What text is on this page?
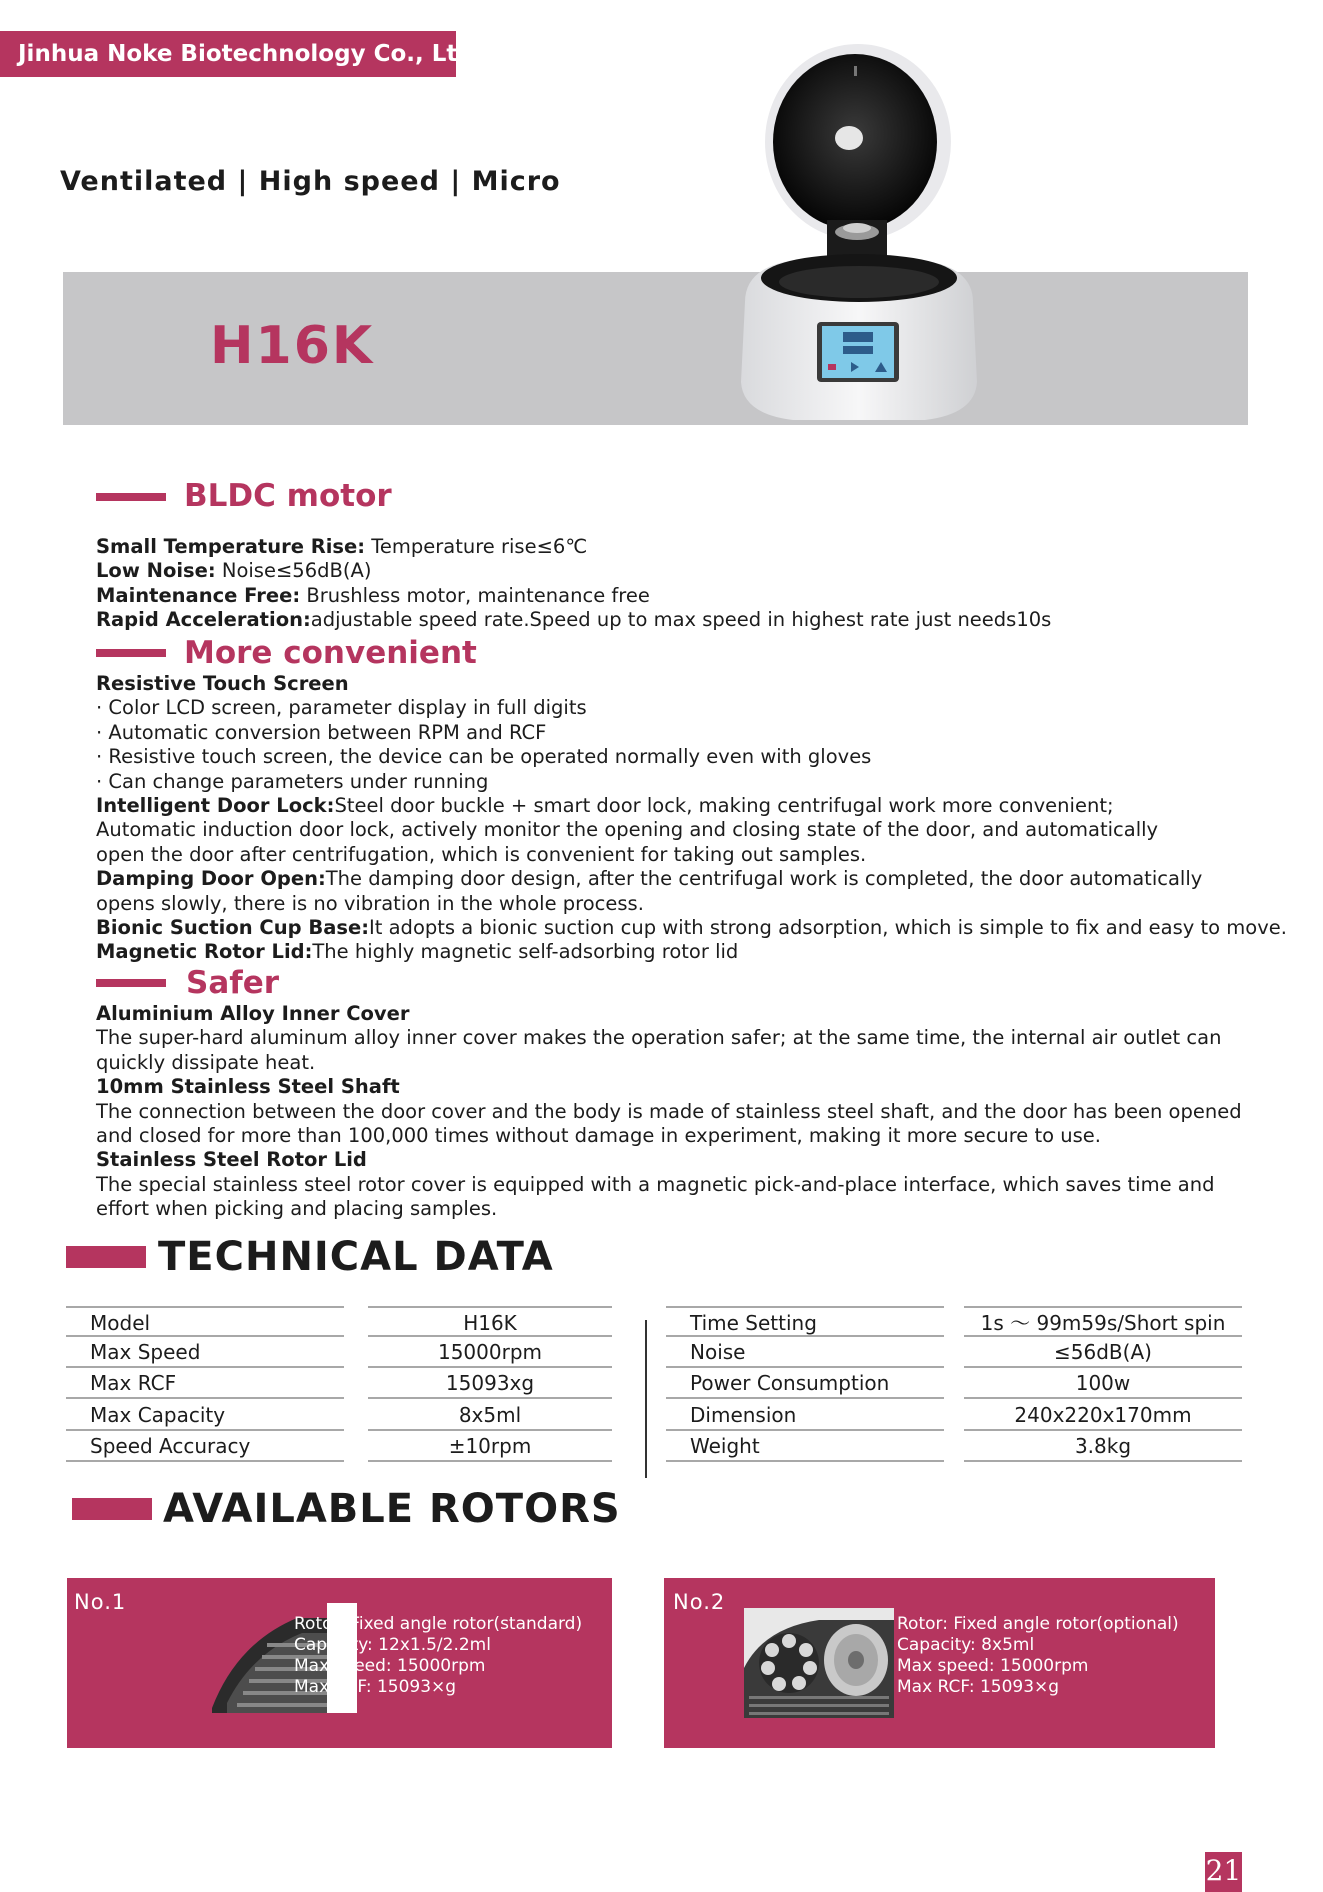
Jinhua Noke Biotechnology Co., Ltd
Ventilated | High speed | Micro
H16K
BLDC motor

Small Temperature Rise: Temperature rise≤6℃

Low Noise: Noise≤56dB(A)

Maintenance Free: Brushless motor, maintenance free

Rapid Acceleration:adjustable speed rate.Speed up to max speed in highest rate just needs10s

More convenient

Resistive Touch Screen

· Color LCD screen, parameter display in full digits

· Automatic conversion between RPM and RCF

· Resistive touch screen, the device can be operated normally even with gloves

· Can change parameters under running

Intelligent Door Lock:Steel door buckle + smart door lock, making centrifugal work more convenient;

Automatic induction door lock, actively monitor the opening and closing state of the door, and automatically

open the door after centrifugation, which is convenient for taking out samples.

Damping Door Open:The damping door design, after the centrifugal work is completed, the door automatically

opens slowly, there is no vibration in the whole process.

Bionic Suction Cup Base:It adopts a bionic suction cup with strong adsorption, which is simple to fix and easy to move.

Magnetic Rotor Lid:The highly magnetic self-adsorbing rotor lid

Safer

Aluminium Alloy Inner Cover

The super-hard aluminum alloy inner cover makes the operation safer; at the same time, the internal air outlet can

quickly dissipate heat.

10mm Stainless Steel Shaft

The connection between the door cover and the body is made of stainless steel shaft, and the door has been opened

and closed for more than 100,000 times without damage in experiment, making it more secure to use.

Stainless Steel Rotor Lid

The special stainless steel rotor cover is equipped with a magnetic pick-and-place interface, which saves time and

effort when picking and placing samples.

TECHNICAL DATA
Model	H16K
Max Speed	15000rpm
Max RCF	15093xg
Max Capacity	8x5ml
Speed Accuracy	±10rpm
Time Setting	1s ～ 99m59s/Short spin
Noise	≤56dB(A)
Power Consumption	100w
Dimension	240x220x170mm
Weight	3.8kg
AVAILABLE ROTORS
No.1
Rotor: Fixed angle rotor(standard)
Capacity: 12x1.5/2.2ml
Max speed: 15000rpm
Max RCF: 15093×g
No.2
Rotor: Fixed angle rotor(optional)
Capacity: 8x5ml
Max speed: 15000rpm
Max RCF: 15093×g
21
